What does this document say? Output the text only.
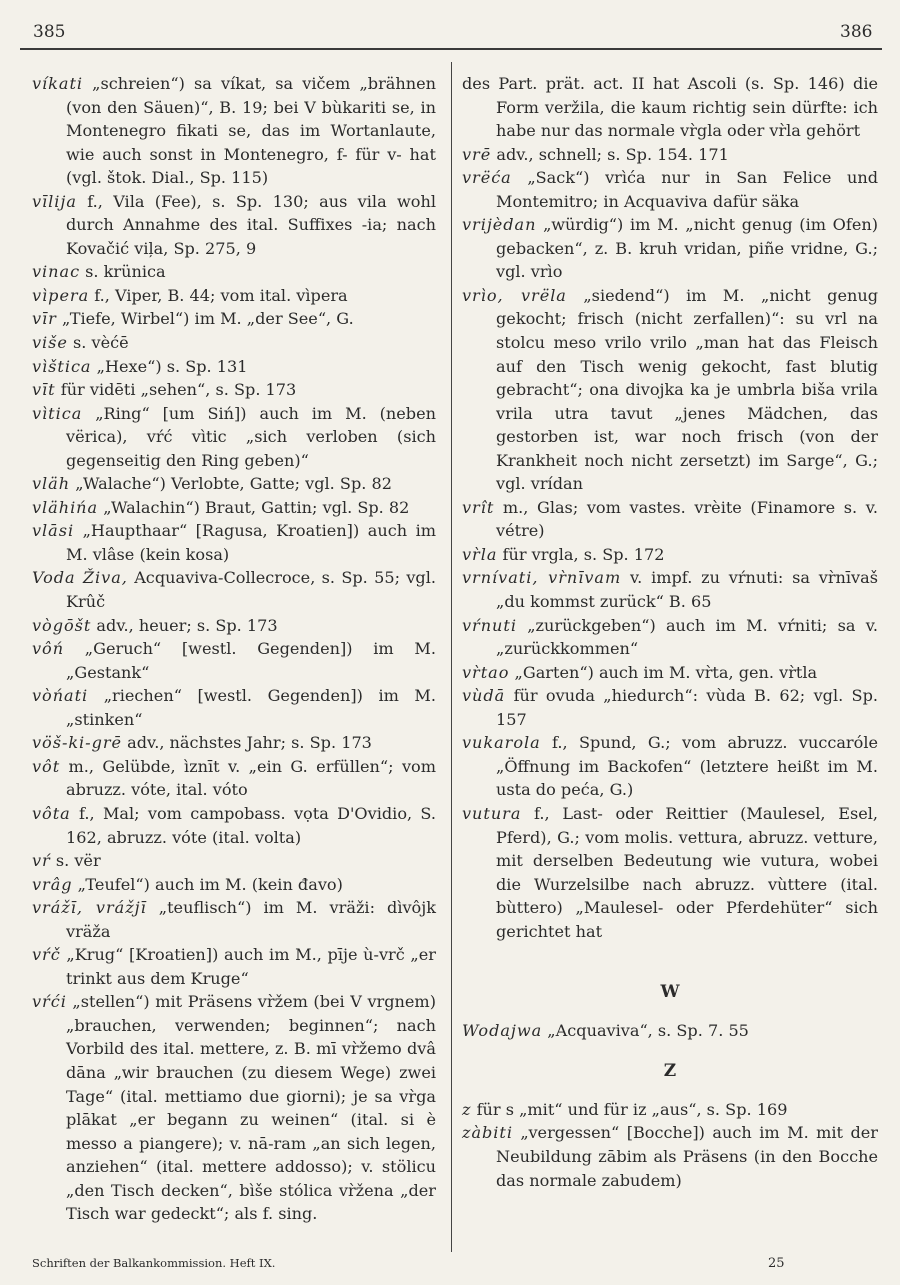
385	386

víkati „schreien“) sa víkat, sa vičem „brähnen (von den Säuen)“, B. 19; bei V bùkariti se, in Montenegro fikati se, das im Wortanlaute, wie auch sonst in Montenegro, f- für v- hat (vgl. štok. Dial., Sp. 115)

vīlija f., Vila (Fee), s. Sp. 130; aus vila wohl durch Annahme des ital. Suffixes -ia; nach Kovačić viļa, Sp. 275, 9

vinac s. krünica

vìpera f., Viper, B. 44; vom ital. vìpera

vīr „Tiefe, Wirbel“) im M. „der See“, G.

više s. vèćē

vìštica „Hexe“) s. Sp. 131

vīt für vidēti „sehen“, s. Sp. 173

vìtica „Ring“ [um Siń]) auch im M. (neben vërica), vŕć vìtic „sich verloben (sich gegenseitig den Ring geben)“

vläh „Walache“) Verlobte, Gatte; vgl. Sp. 82

vlähińa „Walachin“) Braut, Gattin; vgl. Sp. 82

vlāsi „Haupthaar“ [Ragusa, Kroatien]) auch im M. vlâse (kein kosa)

Voda Živa, Acquaviva-Collecroce, s. Sp. 55; vgl. Krûč

vògōšt adv., heuer; s. Sp. 173

vôń „Geruch“ [westl. Gegenden]) im M. „Gestank“

vòńati „riechen“ [westl. Gegenden]) im M. „stinken“

vöš-ki-grē adv., nächstes Jahr; s. Sp. 173

vôt m., Gelübde, ìznīt v. „ein G. erfüllen“; vom abruzz. vóte, ital. vóto

vôta f., Mal; vom campobass. vọta D'Ovidio, S. 162, abruzz. vóte (ital. volta)

vŕ s. vër

vrâg „Teufel“) auch im M. (kein đavo)

vrážī, vrážjī „teuflisch“) im M. vräži: dìvôjk vräža

vŕč „Krug“ [Kroatien]) auch im M., pīje ù-vrč „er trinkt aus dem Kruge“

vŕći „stellen“) mit Präsens vr̀žem (bei V vrgnem) „brauchen, verwenden; beginnen“; nach Vorbild des ital. mettere, z. B. mī vr̀žemo dvâ dāna „wir brauchen (zu diesem Wege) zwei Tage“ (ital. mettiamo due giorni); je sa vr̀ga plākat „er begann zu weinen“ (ital. si è messo a piangere); v. nā-ram „an sich legen, anziehen“ (ital. mettere addosso); v. stölicu „den Tisch decken“, bìše stólica vr̀žena „der Tisch war gedeckt“; als f. sing.

des Part. prät. act. II hat Ascoli (s. Sp. 146) die Form veržila, die kaum richtig sein dürfte: ich habe nur das normale vr̀gla oder vr̀la gehört

vrē adv., schnell; s. Sp. 154. 171

vrëća „Sack“) vrìća nur in San Felice und Montemitro; in Acquaviva dafür säka

vrijèdan „würdig“) im M. „nicht genug (im Ofen) gebacken“, z. B. kruh vridan, piñe vridne, G.; vgl. vrìo

vrìo, vrëla „siedend“) im M. „nicht genug gekocht; frisch (nicht zerfallen)“: su vrl na stolcu meso vrilo vrilo „man hat das Fleisch auf den Tisch wenig gekocht, fast blutig gebracht“; ona divojka ka je umbrla biša vrila vrila utra tavut „jenes Mädchen, das gestorben ist, war noch frisch (von der Krankheit noch nicht zersetzt) im Sarge“, G.; vgl. vrídan

vrît m., Glas; vom vastes. vrèite (Finamore s. v. vétre)

vr̀la für vrgla, s. Sp. 172

vrnívati, vr̀nīvam v. impf. zu vŕnuti: sa vr̀nīvaš „du kommst zurück“ B. 65

vŕnuti „zurückgeben“) auch im M. vŕniti; sa v. „zurückkommen“

vr̀tao „Garten“) auch im M. vr̀ta, gen. vr̀tla

vùdā für ovuda „hiedurch“: vùda B. 62; vgl. Sp. 157

vukarola f., Spund, G.; vom abruzz. vuccaróle „Öffnung im Backofen“ (letztere heißt im M. usta do peća, G.)

vutura f., Last- oder Reittier (Maulesel, Esel, Pferd), G.; vom molis. vettura, abruzz. vetture, mit derselben Bedeutung wie vutura, wobei die Wurzelsilbe nach abruzz. vùttere (ital. bùttero) „Maulesel- oder Pferdehüter“ sich gerichtet hat

W

Wodajwa „Acquaviva“, s. Sp. 7. 55

Z

z für s „mit“ und für iz „aus“, s. Sp. 169

zàbiti „vergessen“ [Bocche]) auch im M. mit der Neubildung zābim als Präsens (in den Bocche das normale zabudem)

Schriften der Balkankommission. Heft IX.	25
